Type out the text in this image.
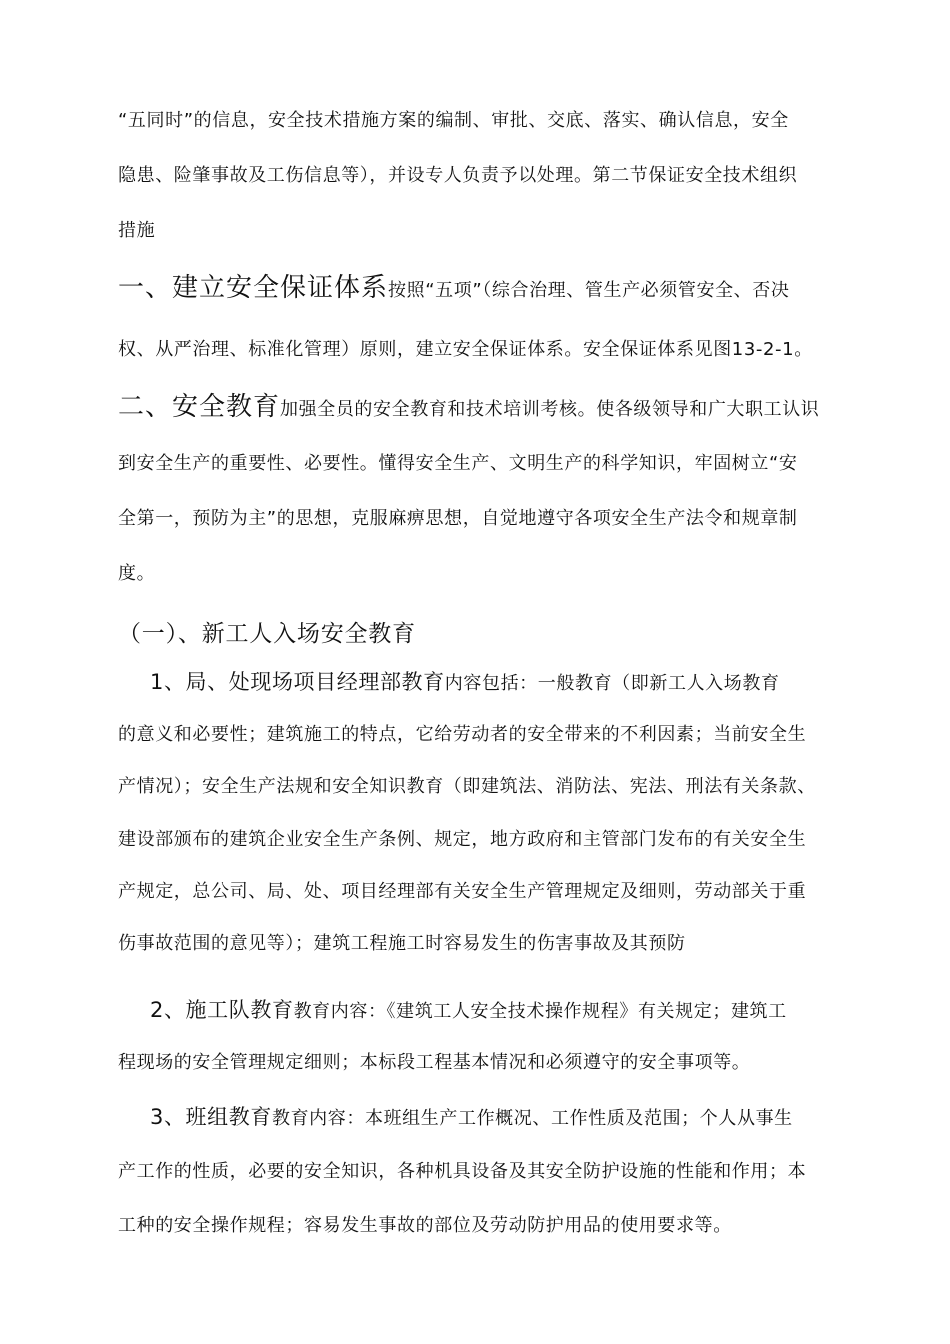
“五同时”的信息，安全技术措施方案的编制、审批、交底、落实、确认信息，安全
隐患、险肇事故及工伤信息等），并设专人负责予以处理。第二节保证安全技术组织
措施
一、建立安全保证体系按照“五项”（综合治理、管生产必须管安全、否决
权、从严治理、标准化管理）原则，建立安全保证体系。安全保证体系见图13-2-1。
二、安全教育加强全员的安全教育和技术培训考核。使各级领导和广大职工认识
到安全生产的重要性、必要性。懂得安全生产、文明生产的科学知识，牢固树立“安
全第一，预防为主”的思想，克服麻痹思想，自觉地遵守各项安全生产法令和规章制
度。
（一）、新工人入场安全教育
1、局、处现场项目经理部教育内容包括：一般教育（即新工人入场教育
的意义和必要性；建筑施工的特点，它给劳动者的安全带来的不利因素；当前安全生
产情况）；安全生产法规和安全知识教育（即建筑法、消防法、宪法、刑法有关条款、
建设部颁布的建筑企业安全生产条例、规定，地方政府和主管部门发布的有关安全生
产规定，总公司、局、处、项目经理部有关安全生产管理规定及细则，劳动部关于重
伤事故范围的意见等）；建筑工程施工时容易发生的伤害事故及其预防
2、施工队教育教育内容：《建筑工人安全技术操作规程》有关规定；建筑工
程现场的安全管理规定细则；本标段工程基本情况和必须遵守的安全事项等。
3、班组教育教育内容：本班组生产工作概况、工作性质及范围；个人从事生
产工作的性质，必要的安全知识，各种机具设备及其安全防护设施的性能和作用；本
工种的安全操作规程；容易发生事故的部位及劳动防护用品的使用要求等。
